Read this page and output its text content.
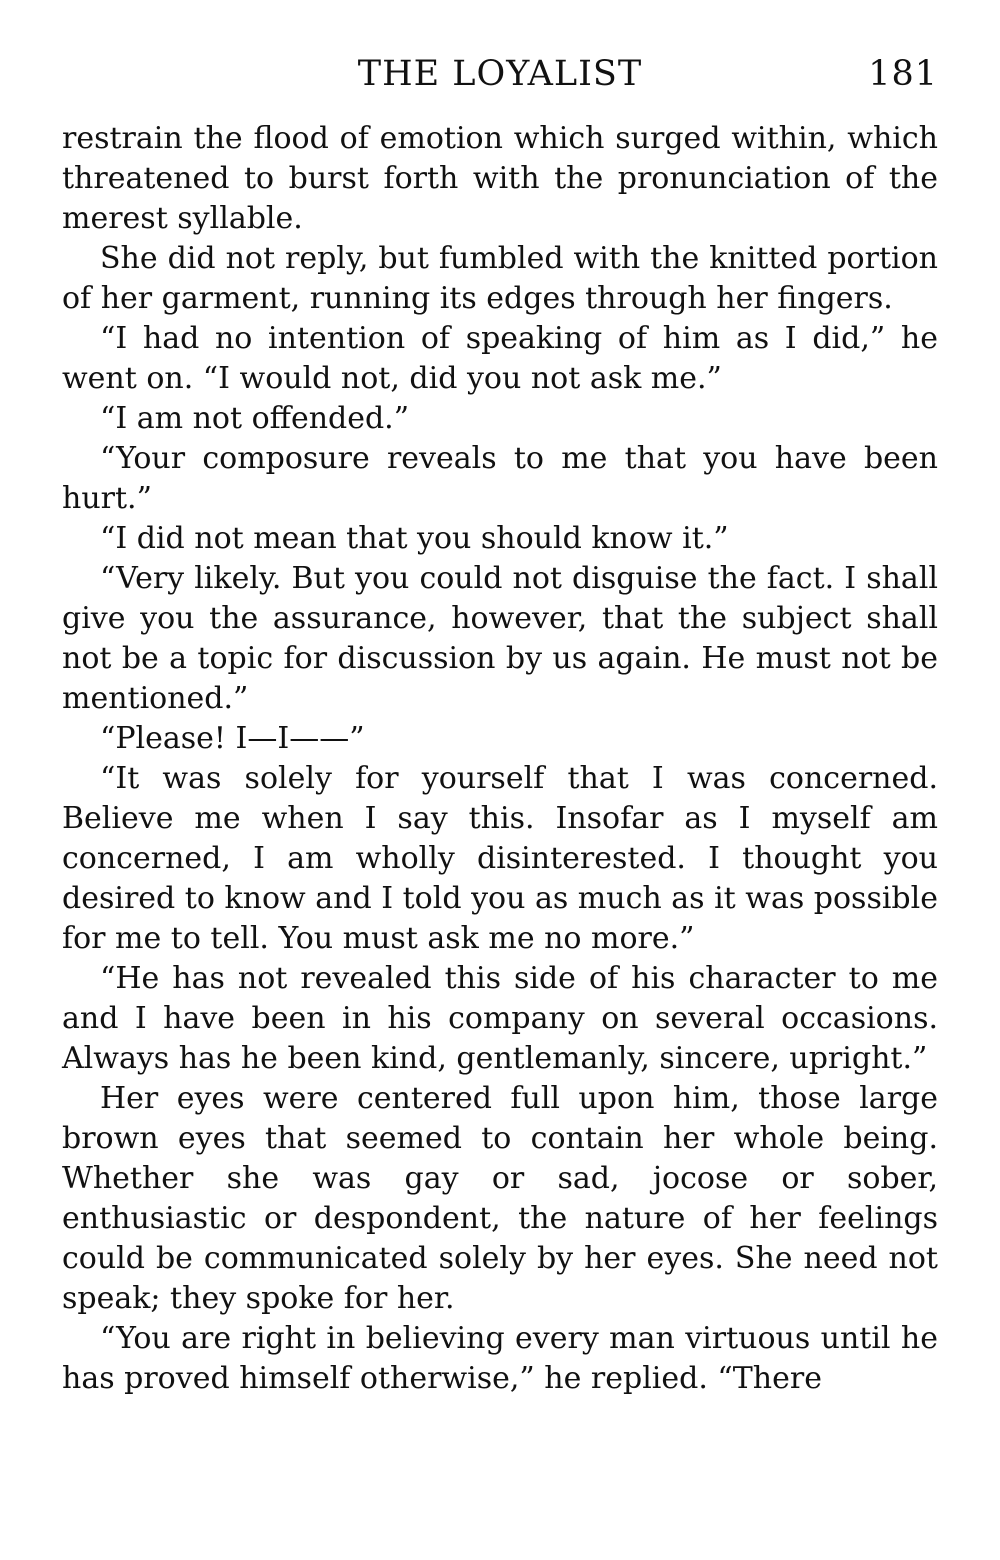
THE LOYALIST	181

restrain the flood of emotion which surged within, which threatened to burst forth with the pronunciation of the merest syllable.

She did not reply, but fumbled with the knitted portion of her garment, running its edges through her fingers.

“I had no intention of speaking of him as I did,” he went on. “I would not, did you not ask me.”

“I am not offended.”

“Your composure reveals to me that you have been hurt.”

“I did not mean that you should know it.”

“Very likely. But you could not disguise the fact. I shall give you the assurance, however, that the subject shall not be a topic for discussion by us again. He must not be mentioned.”

“Please! I—I——”

“It was solely for yourself that I was concerned. Believe me when I say this. Insofar as I myself am concerned, I am wholly disinterested. I thought you desired to know and I told you as much as it was possible for me to tell. You must ask me no more.”

“He has not revealed this side of his character to me and I have been in his company on several occasions. Always has he been kind, gentlemanly, sincere, upright.”

Her eyes were centered full upon him, those large brown eyes that seemed to contain her whole being. Whether she was gay or sad, jocose or sober, enthusiastic or despondent, the nature of her feelings could be communicated solely by her eyes. She need not speak; they spoke for her.

“You are right in believing every man virtuous until he has proved himself otherwise,” he replied. “There
